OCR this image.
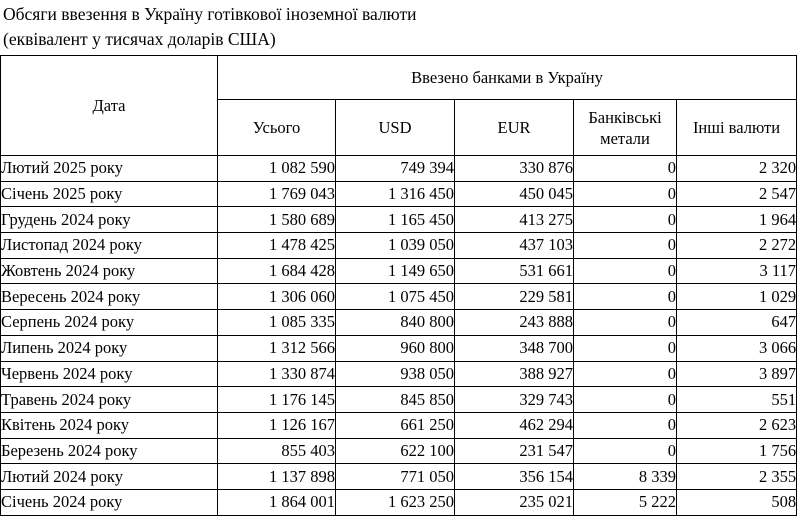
Обсяги ввезення в Україну готівкової іноземної валюти
(еквівалент у тисячах доларів США)
Дата	Ввезено банками в Україну				
	Усього	USD	EUR	Банківські
метали	Інші валюти
Лютий 2025 року	1 082 590	749 394	330 876	0	2 320
Січень 2025 року	1 769 043	1 316 450	450 045	0	2 547
Грудень 2024 року	1 580 689	1 165 450	413 275	0	1 964
Листопад 2024 року	1 478 425	1 039 050	437 103	0	2 272
Жовтень 2024 року	1 684 428	1 149 650	531 661	0	3 117
Вересень 2024 року	1 306 060	1 075 450	229 581	0	1 029
Серпень 2024 року	1 085 335	840 800	243 888	0	647
Липень 2024 року	1 312 566	960 800	348 700	0	3 066
Червень 2024 року	1 330 874	938 050	388 927	0	3 897
Травень 2024 року	1 176 145	845 850	329 743	0	551
Квітень 2024 року	1 126 167	661 250	462 294	0	2 623
Березень 2024 року	855 403	622 100	231 547	0	1 756
Лютий 2024 року	1 137 898	771 050	356 154	8 339	2 355
Січень 2024 року	1 864 001	1 623 250	235 021	5 222	508
